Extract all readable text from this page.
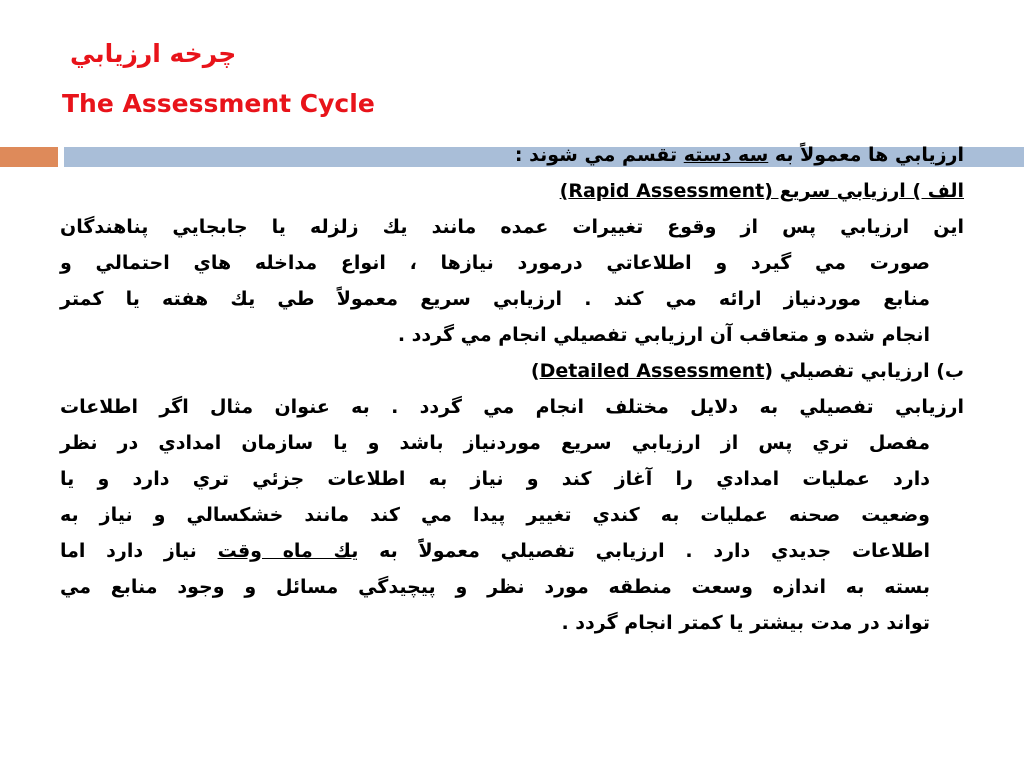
چرخه ارزيابي
The Assessment Cycle
ارزيابي ها معمولاً به سه دسته تقسم مي شوند :
الف ) ارزيابي سريع (Rapid Assessment)
اين ارزيابي پس از وقوع تغييرات عمده مانند يك زلزله يا جابجايي پناهندگان
صورت مي گيرد و اطلاعاتي درمورد نيازها ، انواع مداخله هاي احتمالي و
منابع موردنياز ارائه مي كند . ارزيابي سريع معمولاً طي يك هفته يا كمتر
انجام شده و متعاقب آن ارزيابي تفصيلي انجام مي گردد .
ب) ارزيابي تفصيلي (Detailed Assessment)
ارزيابي تفصيلي به دلايل مختلف انجام مي گردد . به عنوان مثال اگر اطلاعات
مفصل تري پس از ارزيابي سريع موردنياز باشد و يا سازمان امدادي در نظر
دارد عمليات امدادي را آغاز كند و نياز به اطلاعات جزئي تري دارد و يا
وضعيت صحنه عمليات به كندي تغيير پيدا مي كند مانند خشكسالي و نياز به
اطلاعات جديدي دارد . ارزيابي تفصيلي معمولاًً به يك ماه وقت نياز دارد اما
بسته به اندازه وسعت منطقه مورد نظر و پيچيدگي مسائل و وجود منابع مي
تواند در مدت بيشتر يا كمتر انجام گردد .
